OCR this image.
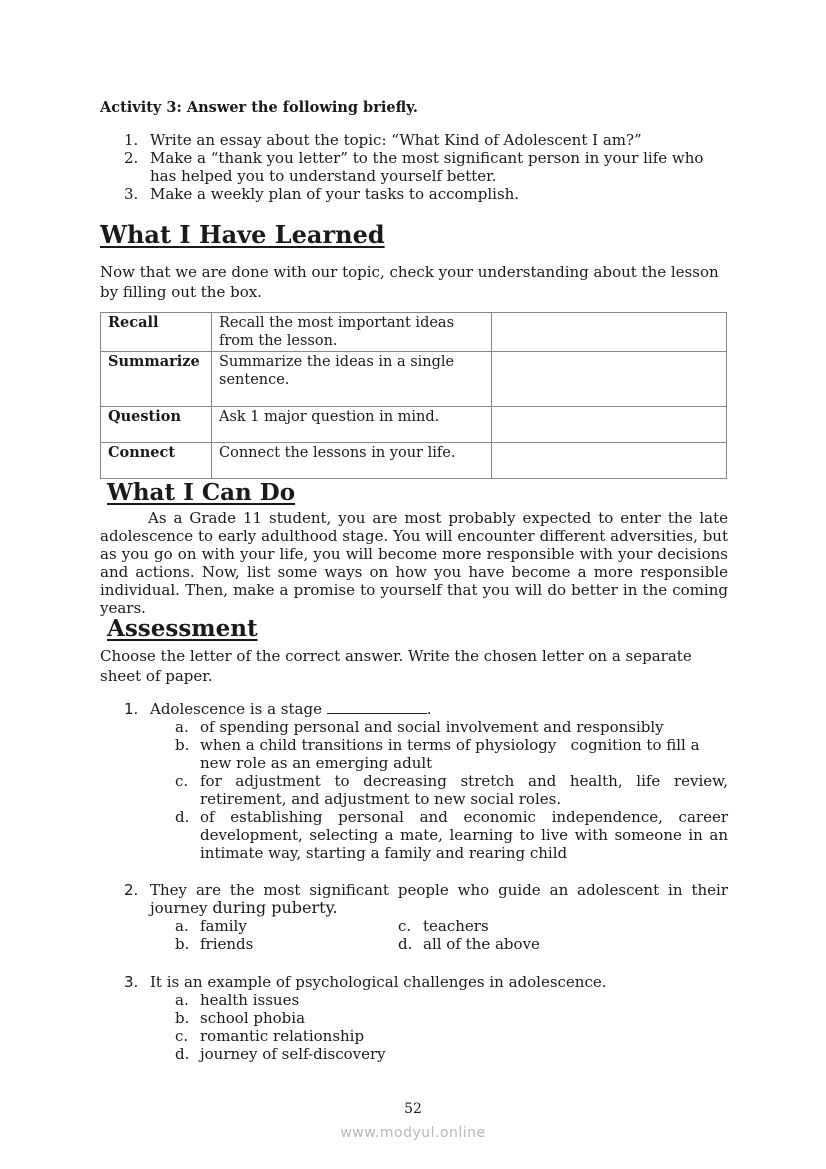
Activity 3: Answer the following briefly.
1. Write an essay about the topic: “What Kind of Adolescent I am?”
2. Make a “thank you letter” to the most significant person in your life who has helped you to understand yourself better.
3. Make a weekly plan of your tasks to accomplish.
What I Have Learned
Now that we are done with our topic, check your understanding about the lesson by filling out the box.
Recall	Recall the most important ideas from the lesson.	
Summarize	Summarize the ideas in a single sentence.	
Question	Ask 1 major question in mind.	
Connect	Connect the lessons in your life.	
What I Can Do
As a Grade 11 student, you are most probably expected to enter the late adolescence to early adulthood stage. You will encounter different adversities, but as you go on with your life, you will become more responsible with your decisions and actions. Now, list some ways on how you have become a more responsible individual. Then, make a promise to yourself that you will do better in the coming years.
Assessment
Choose the letter of the correct answer. Write the chosen letter on a separate sheet of paper.
1. Adolescence is a stage	.
a. of spending personal and social involvement and responsibly
b. when a child transitions in terms of physiology   cognition to fill a new role as an emerging adult
c. for adjustment to decreasing stretch and health, life review, retirement, and adjustment to new social roles.
d. of establishing personal and economic independence, career development, selecting a mate, learning to live with someone in an intimate way, starting a family and rearing child
2. They are the most significant people who guide an adolescent in their journey during puberty.
a. family	c. teachers
b. friends	d. all of the above
3. It is an example of psychological challenges in adolescence.
a. health issues
b. school phobia
c. romantic relationship
d. journey of self-discovery
52
www.modyul.online
